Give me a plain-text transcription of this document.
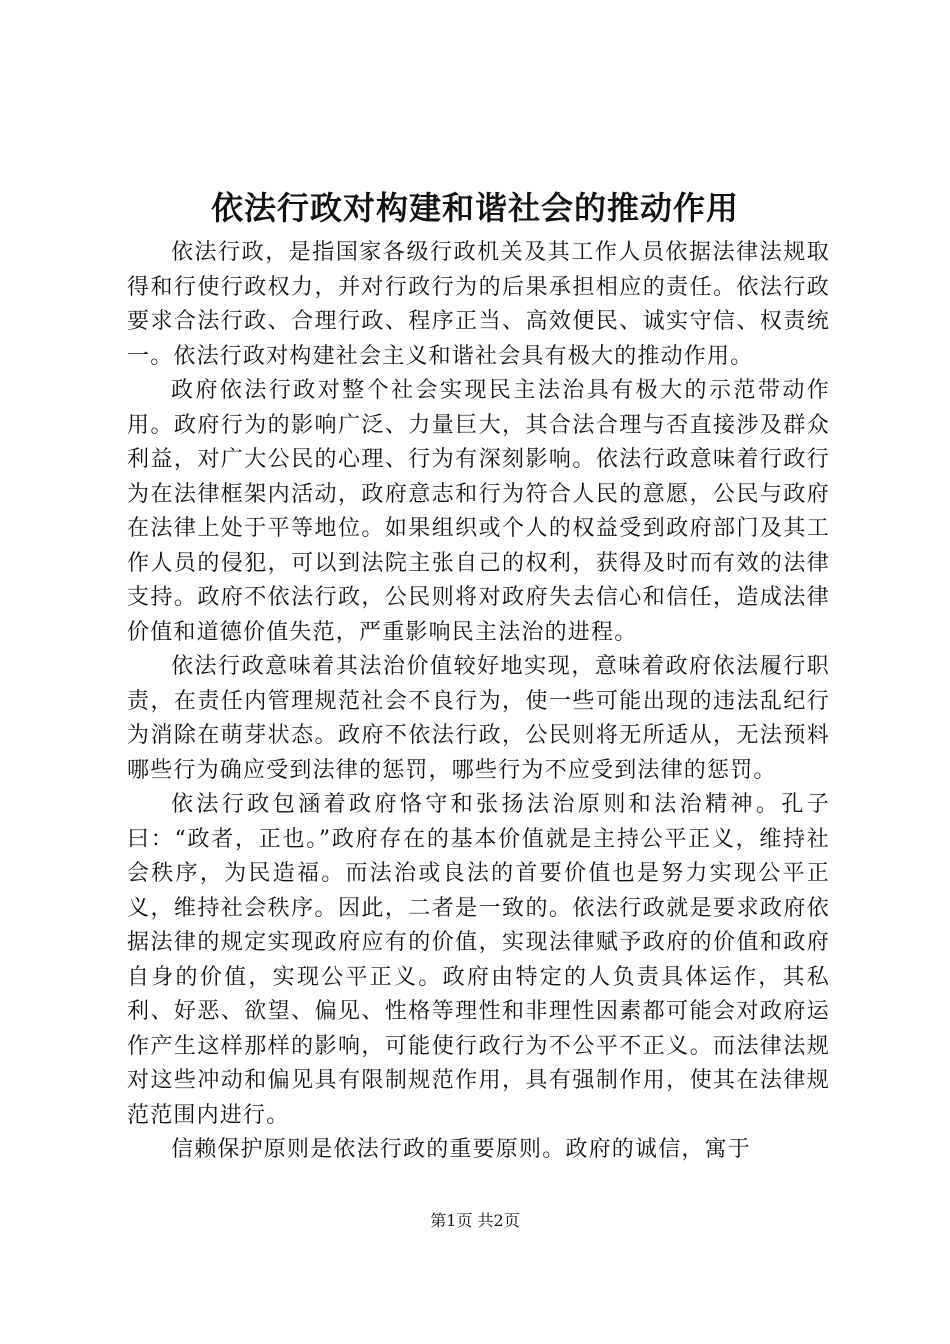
依法行政对构建和谐社会的推动作用

依法行政，是指国家各级行政机关及其工作人员依据法律法规取得和行使行政权力，并对行政行为的后果承担相应的责任。依法行政要求合法行政、合理行政、程序正当、高效便民、诚实守信、权责统一。依法行政对构建社会主义和谐社会具有极大的推动作用。

政府依法行政对整个社会实现民主法治具有极大的示范带动作用。政府行为的影响广泛、力量巨大，其合法合理与否直接涉及群众利益，对广大公民的心理、行为有深刻影响。依法行政意味着行政行为在法律框架内活动，政府意志和行为符合人民的意愿，公民与政府在法律上处于平等地位。如果组织或个人的权益受到政府部门及其工作人员的侵犯，可以到法院主张自己的权利，获得及时而有效的法律支持。政府不依法行政，公民则将对政府失去信心和信任，造成法律价值和道德价值失范，严重影响民主法治的进程。

依法行政意味着其法治价值较好地实现，意味着政府依法履行职责，在责任内管理规范社会不良行为，使一些可能出现的违法乱纪行为消除在萌芽状态。政府不依法行政，公民则将无所适从，无法预料哪些行为确应受到法律的惩罚，哪些行为不应受到法律的惩罚。

依法行政包涵着政府恪守和张扬法治原则和法治精神。孔子曰：“政者，正也。”政府存在的基本价值就是主持公平正义，维持社会秩序，为民造福。而法治或良法的首要价值也是努力实现公平正义，维持社会秩序。因此，二者是一致的。依法行政就是要求政府依据法律的规定实现政府应有的价值，实现法律赋予政府的价值和政府自身的价值，实现公平正义。政府由特定的人负责具体运作，其私利、好恶、欲望、偏见、性格等理性和非理性因素都可能会对政府运作产生这样那样的影响，可能使行政行为不公平不正义。而法律法规对这些冲动和偏见具有限制规范作用，具有强制作用，使其在法律规范范围内进行。

信赖保护原则是依法行政的重要原则。政府的诚信，寓于

第1页 共2页
